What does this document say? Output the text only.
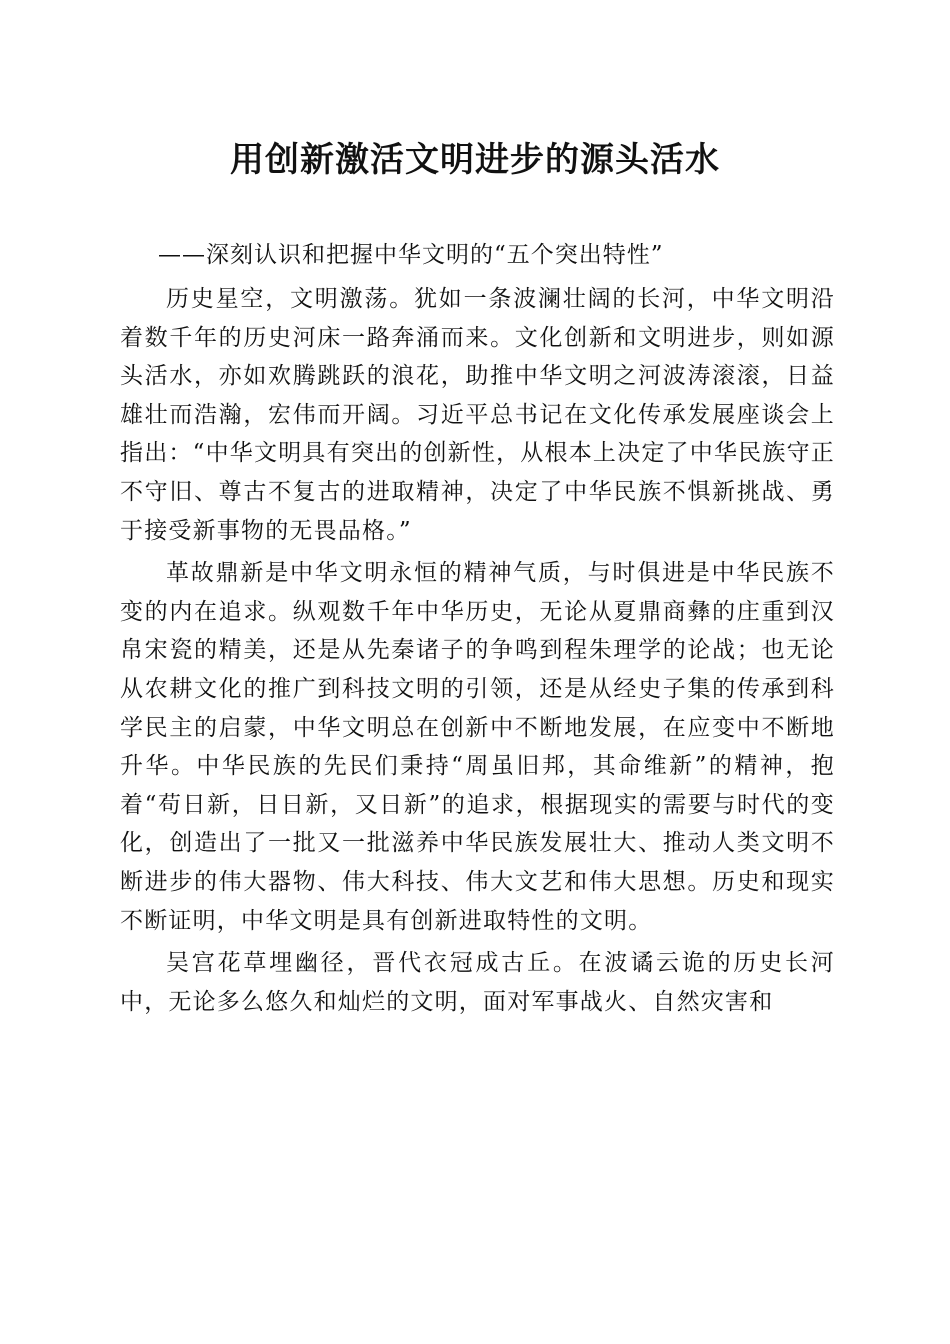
用创新激活文明进步的源头活水

——深刻认识和把握中华文明的“五个突出特性”

历史星空，文明激荡。犹如一条波澜壮阔的长河，中华文明沿着数千年的历史河床一路奔涌而来。文化创新和文明进步，则如源头活水，亦如欢腾跳跃的浪花，助推中华文明之河波涛滚滚，日益雄壮而浩瀚，宏伟而开阔。习近平总书记在文化传承发展座谈会上指出：“中华文明具有突出的创新性，从根本上决定了中华民族守正不守旧、尊古不复古的进取精神，决定了中华民族不惧新挑战、勇于接受新事物的无畏品格。”

革故鼎新是中华文明永恒的精神气质，与时俱进是中华民族不变的内在追求。纵观数千年中华历史，无论从夏鼎商彝的庄重到汉帛宋瓷的精美，还是从先秦诸子的争鸣到程朱理学的论战；也无论从农耕文化的推广到科技文明的引领，还是从经史子集的传承到科学民主的启蒙，中华文明总在创新中不断地发展，在应变中不断地升华。中华民族的先民们秉持“周虽旧邦，其命维新”的精神，抱着“苟日新，日日新，又日新”的追求，根据现实的需要与时代的变化，创造出了一批又一批滋养中华民族发展壮大、推动人类文明不断进步的伟大器物、伟大科技、伟大文艺和伟大思想。历史和现实不断证明，中华文明是具有创新进取特性的文明。

吴宫花草埋幽径，晋代衣冠成古丘。在波谲云诡的历史长河中，无论多么悠久和灿烂的文明，面对军事战火、自然灾害和
